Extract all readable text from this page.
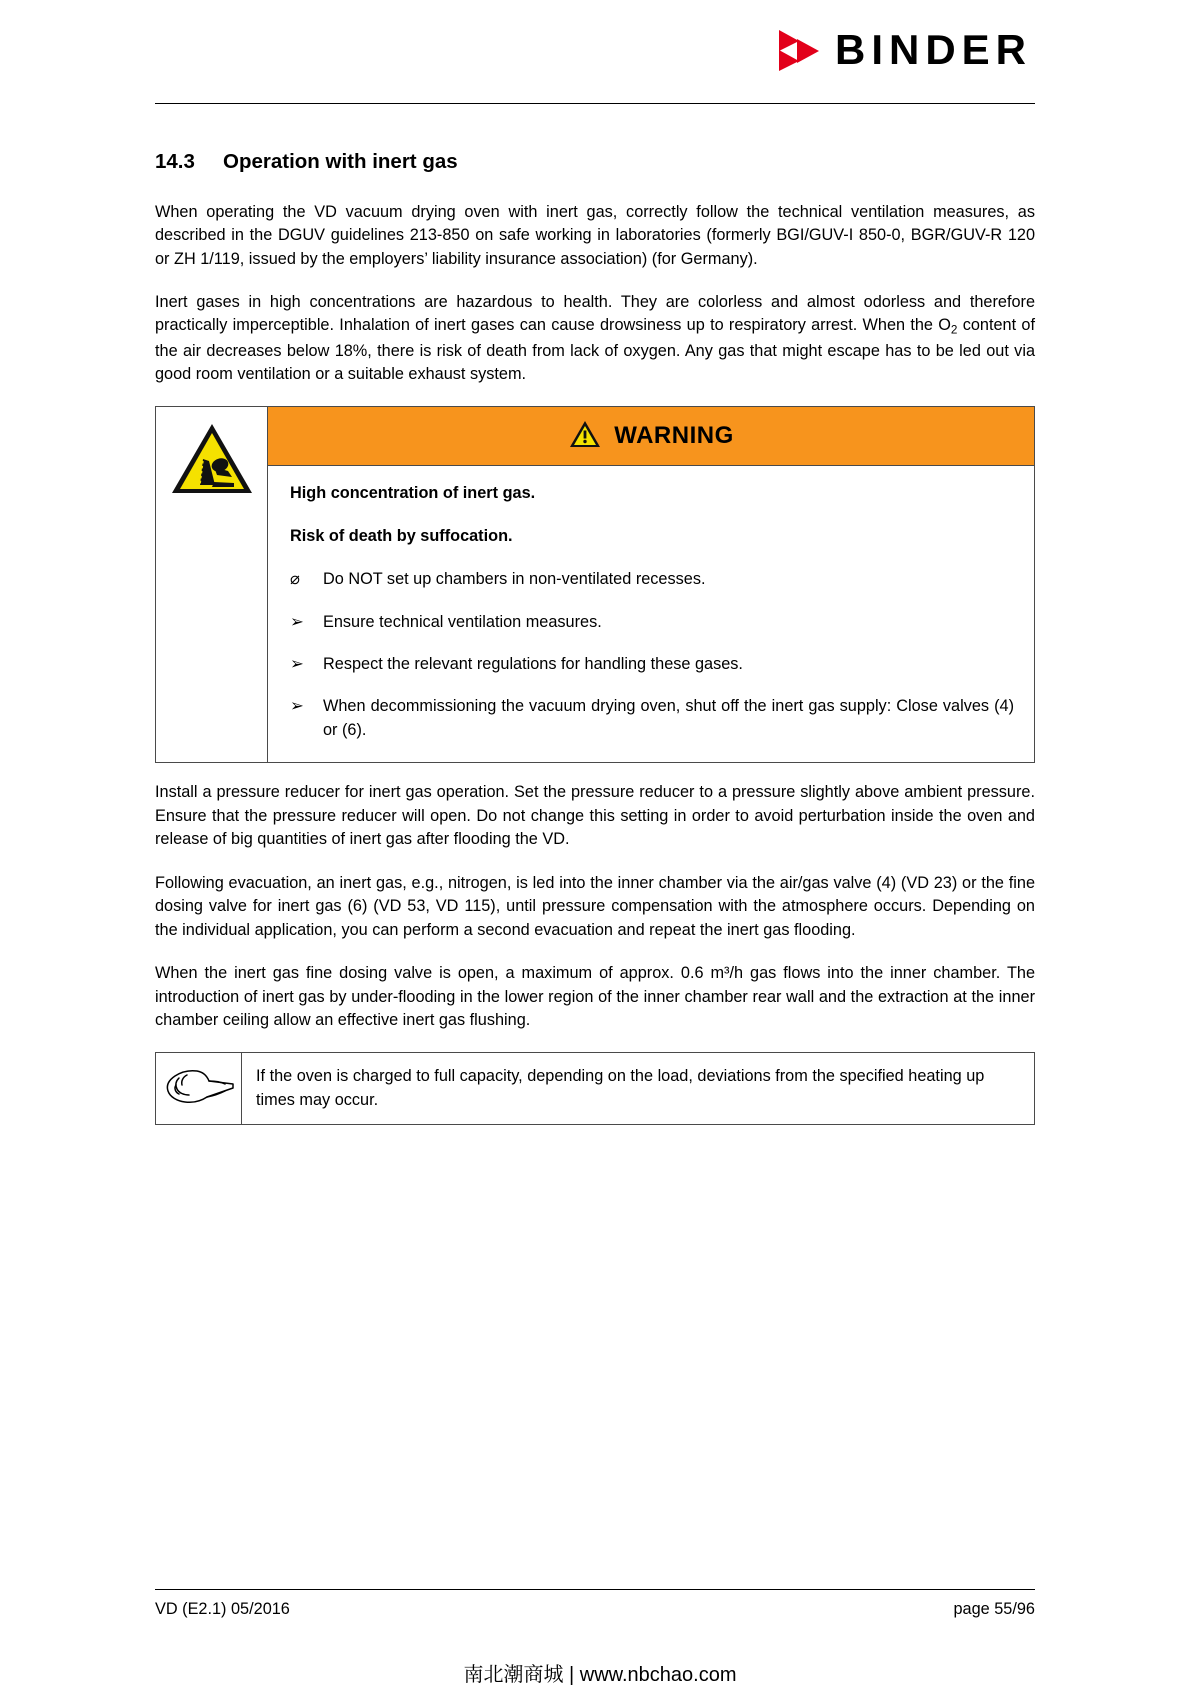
BINDER
14.3	Operation with inert gas

When operating the VD vacuum drying oven with inert gas, correctly follow the technical ventilation measures, as described in the DGUV guidelines 213-850 on safe working in laboratories (formerly BGI/GUV-I 850-0, BGR/GUV-R 120 or ZH 1/119, issued by the employers’ liability insurance association) (for Germany).

Inert gases in high concentrations are hazardous to health. They are colorless and almost odorless and therefore practically imperceptible. Inhalation of inert gases can cause drowsiness up to respiratory arrest. When the $O_2$ content of the air decreases below 18%, there is risk of death from lack of oxygen. Any gas that might escape has to be led out via good room ventilation or a suitable exhaust system.

WARNING

High concentration of inert gas.

Risk of death by suffocation.

⌀	Do NOT set up chambers in non-ventilated recesses.
➢	Ensure technical ventilation measures.
➢	Respect the relevant regulations for handling these gases.
➢	When decommissioning the vacuum drying oven, shut off the inert gas supply: Close valves (4) or (6).

Install a pressure reducer for inert gas operation. Set the pressure reducer to a pressure slightly above ambient pressure. Ensure that the pressure reducer will open. Do not change this setting in order to avoid perturbation inside the oven and release of big quantities of inert gas after flooding the VD.

Following evacuation, an inert gas, e.g., nitrogen, is led into the inner chamber via the air/gas valve (4) (VD 23) or the fine dosing valve for inert gas (6) (VD 53, VD 115), until pressure compensation with the atmosphere occurs. Depending on the individual application, you can perform a second evacuation and repeat the inert gas flooding.

When the inert gas fine dosing valve is open, a maximum of approx. 0.6 m³/h gas flows into the inner chamber. The introduction of inert gas by under-flooding in the lower region of the inner chamber rear wall and the extraction at the inner chamber ceiling allow an effective inert gas flushing.

If the oven is charged to full capacity, depending on the load, deviations from the specified heating up times may occur.
VD (E2.1) 05/2016	page 55/96
南北潮商城 | www.nbchao.com
